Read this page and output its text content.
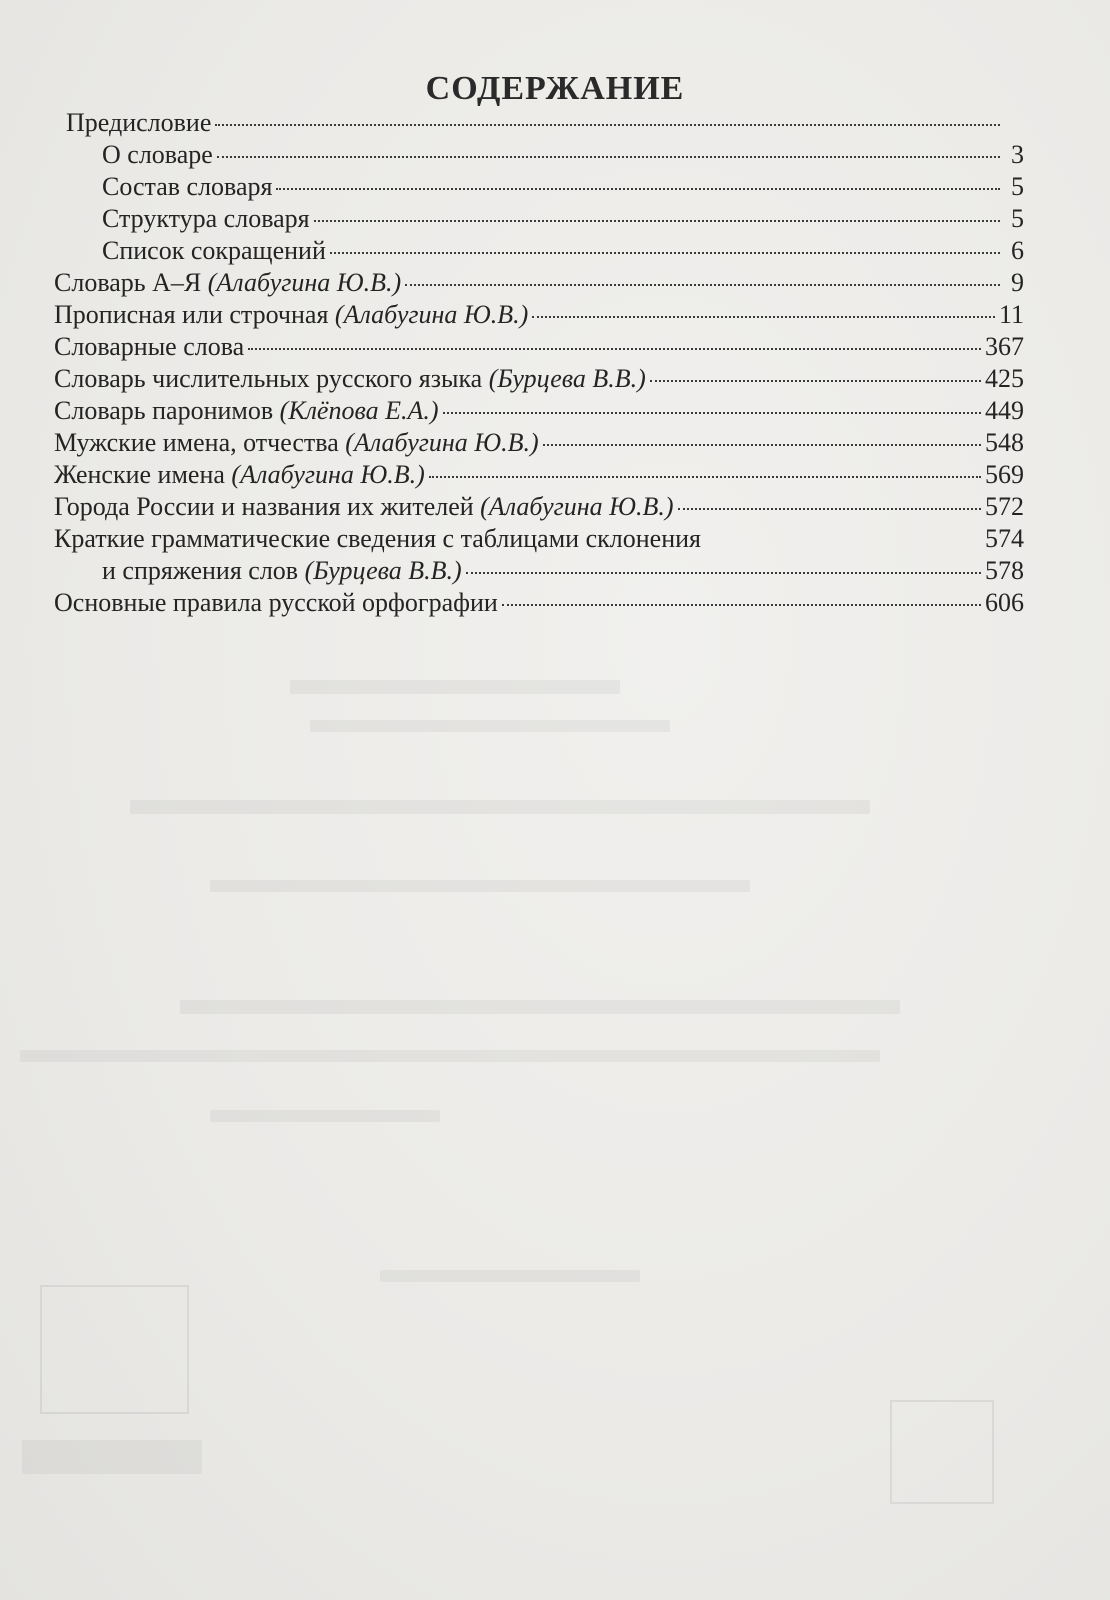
СОДЕРЖАНИЕ
Предисловие
О словаре	3
Состав словаря	5
Структура словаря	5
Список сокращений	6
Словарь А–Я (Алабугина Ю.В.)	9
Прописная или строчная (Алабугина Ю.В.)	11
Словарные слова	367
Словарь числительных русского языка (Бурцева В.В.)	425
Словарь паронимов (Клёпова Е.А.)	449
Мужские имена, отчества (Алабугина Ю.В.)	548
Женские имена (Алабугина Ю.В.)	569
Города России и названия их жителей (Алабугина Ю.В.)	572
Краткие грамматические сведения с таблицами склонения	574
и спряжения слов (Бурцева В.В.)	578
Основные правила русской орфографии	606
